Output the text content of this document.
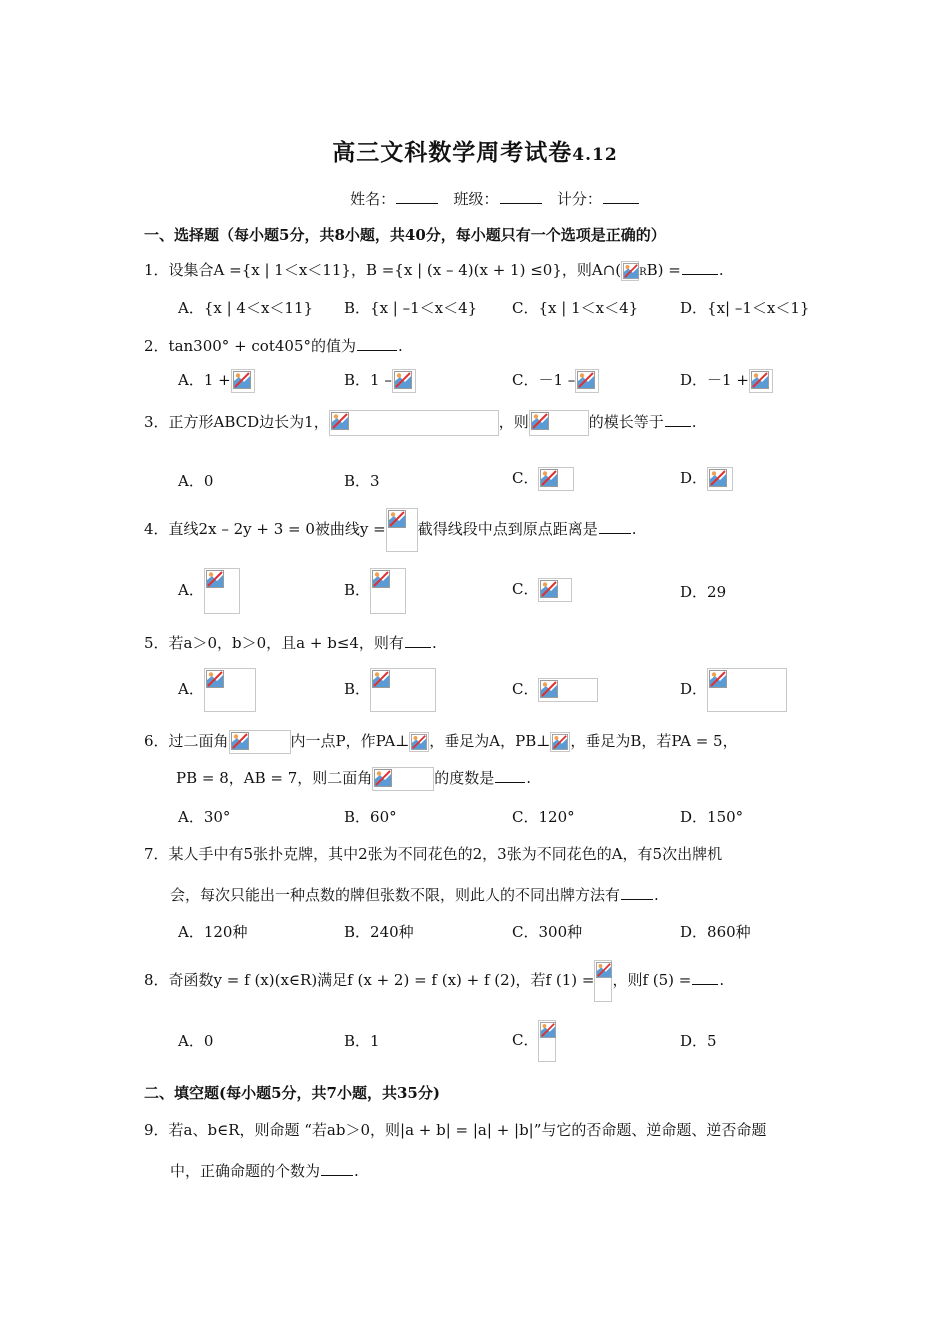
高三文科数学周考试卷4.12
姓名：	班级：	计分：
一、选择题（每小题5分，共8小题，共40分，每小题只有一个选项是正确的）
1．设集合A ={x | 1＜x＜11}，B ={x | (x – 4)(x + 1) ≤0}，则A∩( RB) =	.
A．{x | 4＜x＜11} B．{x | –1＜x＜4} C．{x | 1＜x＜4}	D．{x| –1＜x＜1}
2．tan300° + cot405°的值为	.
A．1 +	B．1 –	C．－1 –	D．－1 +
3．正方形ABCD边长为1，	，则	的模长等于 .
A．0	B．3	C．	D．
4．直线2x – 2y + 3 = 0被曲线y = 截得线段中点到原点距离是 .
A．	B．	C．	D．29
5．若a＞0，b＞0，且a + b≤4，则有 .
A．	B．	C．	D．
6．过二面角	内一点P，作PA⊥ ，垂足为A，PB⊥ ，垂足为B，若PA = 5，
PB = 8，AB = 7，则二面角	的度数是 .
A．30°	B．60°	C．120°	D．150°
7．某人手中有5张扑克牌，其中2张为不同花色的2，3张为不同花色的A，有5次出牌机
会，每次只能出一种点数的牌但张数不限，则此人的不同出牌方法有 .
A．120种	B．240种	C．300种	D．860种
8．奇函数y = f (x)(x∈R)满足f (x + 2) = f (x) + f (2)，若f (1) = ，则f (5) = .
A．0	B．1	C．	D．5
二、填空题(每小题5分，共7小题，共35分)
9．若a、b∈R，则命题 “若ab＞0，则|a + b| = |a| + |b|”与它的否命题、逆命题、逆否命题
中，正确命题的个数为 .
